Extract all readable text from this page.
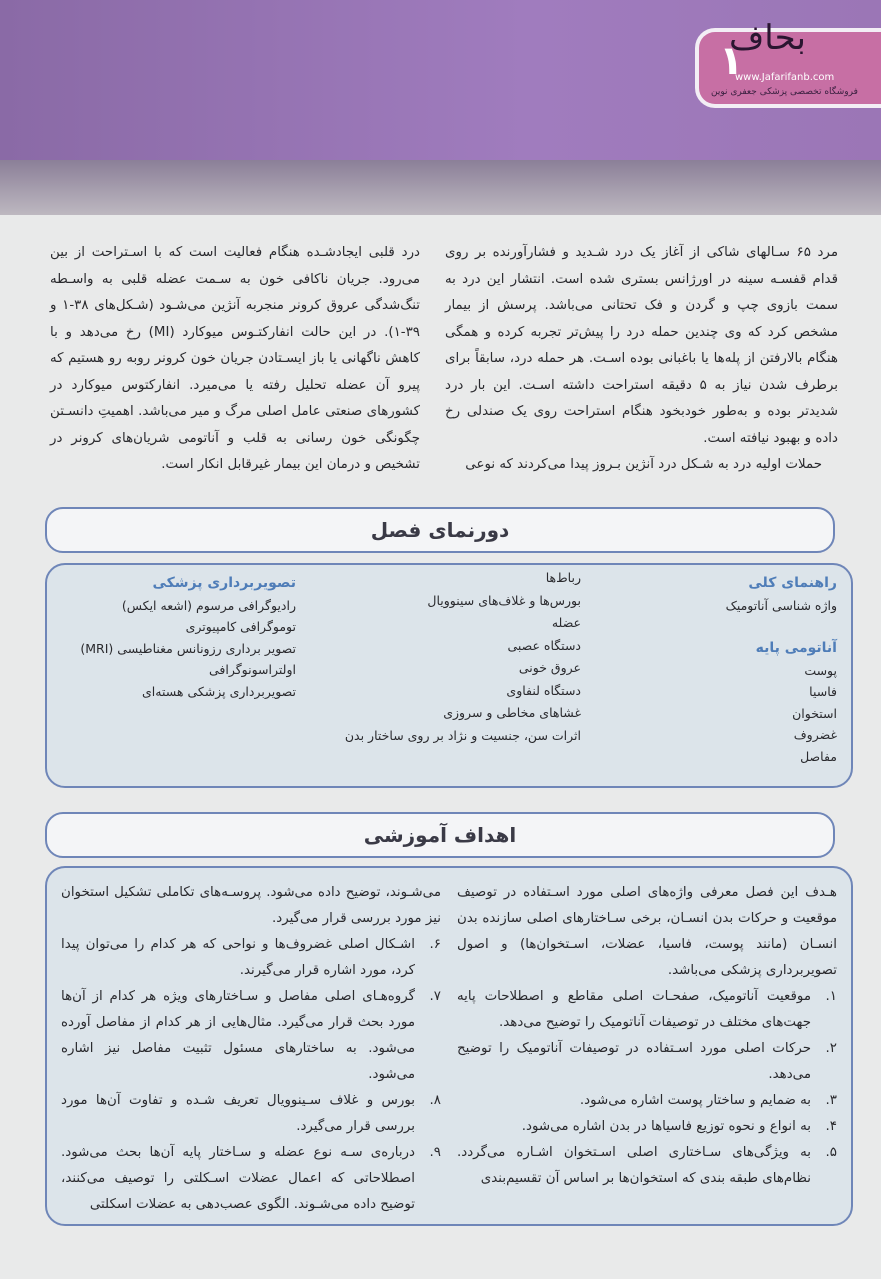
بحاف
۱
www.Jafarifanb.com
فروشگاه تخصصی پزشکی جعفری نوین

مرد ۶۵ سـالهای شاکی از آغاز یک درد شـدید و فشارآورنده بر روی قدام قفسـه سینه در اورژانس بستری شده است. انتشار این درد به سمت بازوی چپ و گردن و فک تحتانی می‌باشد. پرسش از بیمار مشخص کرد که وی چندین حمله درد را پیش‌تر تجربه کرده و همگی هنگام بالارفتن از پله‌ها یا باغبانی بوده اسـت. هر حمله درد، سابقاً برای برطرف شدن نیاز به ۵ دقیقه استراحت داشته اسـت. این بار درد شدیدتر بوده و به‌طور خودبخود هنگام استراحت روی یک صندلی رخ داده و بهبود نیافته است.

حملات اولیه درد به شـکل درد آنژین بـروز پیدا می‌کردند که نوعی

درد قلبی ایجادشـده هنگام فعالیت است که با اسـتراحت از بین می‌رود. جریان ناکافی خون به سـمت عضله قلبی به واسـطه تنگ‌شدگی عروق کرونر منجربه آنژین می‌شـود (شـکل‌های ۳۸-۱ و ۳۹-۱). در این حالت انفارکتـوس میوکارد (MI) رخ می‌دهد و با کاهش ناگهانی یا باز ایسـتادن جریان خون کرونر روبه رو هستیم که پیرو آن عضله تحلیل رفته یا می‌میرد. انفارکتوس میوکارد در کشورهای صنعتی عامل اصلی مرگ و میر می‌باشد. اهمیتِ دانسـتن چگونگی خون رسانی به قلب و آناتومی شریان‌های کرونر در تشخیص و درمان این بیمار غیرقابل انکار است.

دورنمای فصل
راهنمای کلی
واژه شناسی آناتومیک
آناتومی پایه
پوست
فاسیا
استخوان
غضروف
مفاصل
رباط‌ها
بورس‌ها و غلاف‌های سینوویال
عضله
دستگاه عصبی
عروق خونی
دستگاه لنفاوی
غشاهای مخاطی و سروزی
اثرات سن، جنسیت و نژاد بر روی ساختار بدن
تصویربرداری پزشکی
رادیوگرافی مرسوم (اشعه ایکس)
توموگرافی کامپیوتری
تصویر برداری رزونانس مغناطیسی (MRI)
اولتراسونوگرافی
تصویربرداری پزشکی هسته‌ای
اهداف آموزشی

هـدف این فصل معرفی واژه‌های اصلی مورد اسـتفاده در توصیف موقعیت و حرکات بدن انسـان، برخی سـاختارهای اصلی سازنده بدن انسـان (مانند پوست، فاسیا، عضلات، اسـتخوان‌ها) و اصول تصویربرداری پزشکی می‌باشد.

۱.
موقعیت آناتومیک، صفحـات اصلی مقاطع و اصطلاحات پایه جهت‌های مختلف در توصیفات آناتومیک را توضیح می‌دهد.
۲.
حرکات اصلی مورد اسـتفاده در توصیفات آناتومیک را توضیح می‌دهد.
۳.
به ضمایم و ساختار پوست اشاره می‌شود.
۴.
به انواع و نحوه توزیع فاسیاها در بدن اشاره می‌شود.
۵.
به ویژگی‌های سـاختاری اصلی اسـتخوان اشـاره می‌گردد. نظام‌های طبقه بندی که استخوان‌ها بر اساس آن تقسیم‌بندی

می‌شـوند، توضیح داده می‌شود. پروسـه‌های تکاملی تشکیل استخوان نیز مورد بررسی قرار می‌گیرد.

۶.
اشـکال اصلی غضروف‌ها و نواحی که هر کدام را می‌توان پیدا کرد، مورد اشاره قرار می‌گیرند.
۷.
گروه‌هـای اصلی مفاصل و سـاختارهای ویژه هر کدام از آن‌ها مورد بحث قرار می‌گیرد. مثال‌هایی از هر کدام از مفاصل آورده می‌شود. به ساختارهای مسئول تثبیت مفاصل نیز اشاره می‌شود.
۸.
بورس و غلاف سـینوویال تعریف شـده و تفاوت آن‌ها مورد بررسی قرار می‌گیرد.
۹.
درباره‌ی سـه نوع عضله و سـاختار پایه آن‌ها بحث می‌شود. اصطلاحاتی که اعمال عضلات اسـکلتی را توصیف می‌کنند، توضیح داده می‌شـوند. الگوی عصب‌دهی به عضلات اسکلتی
